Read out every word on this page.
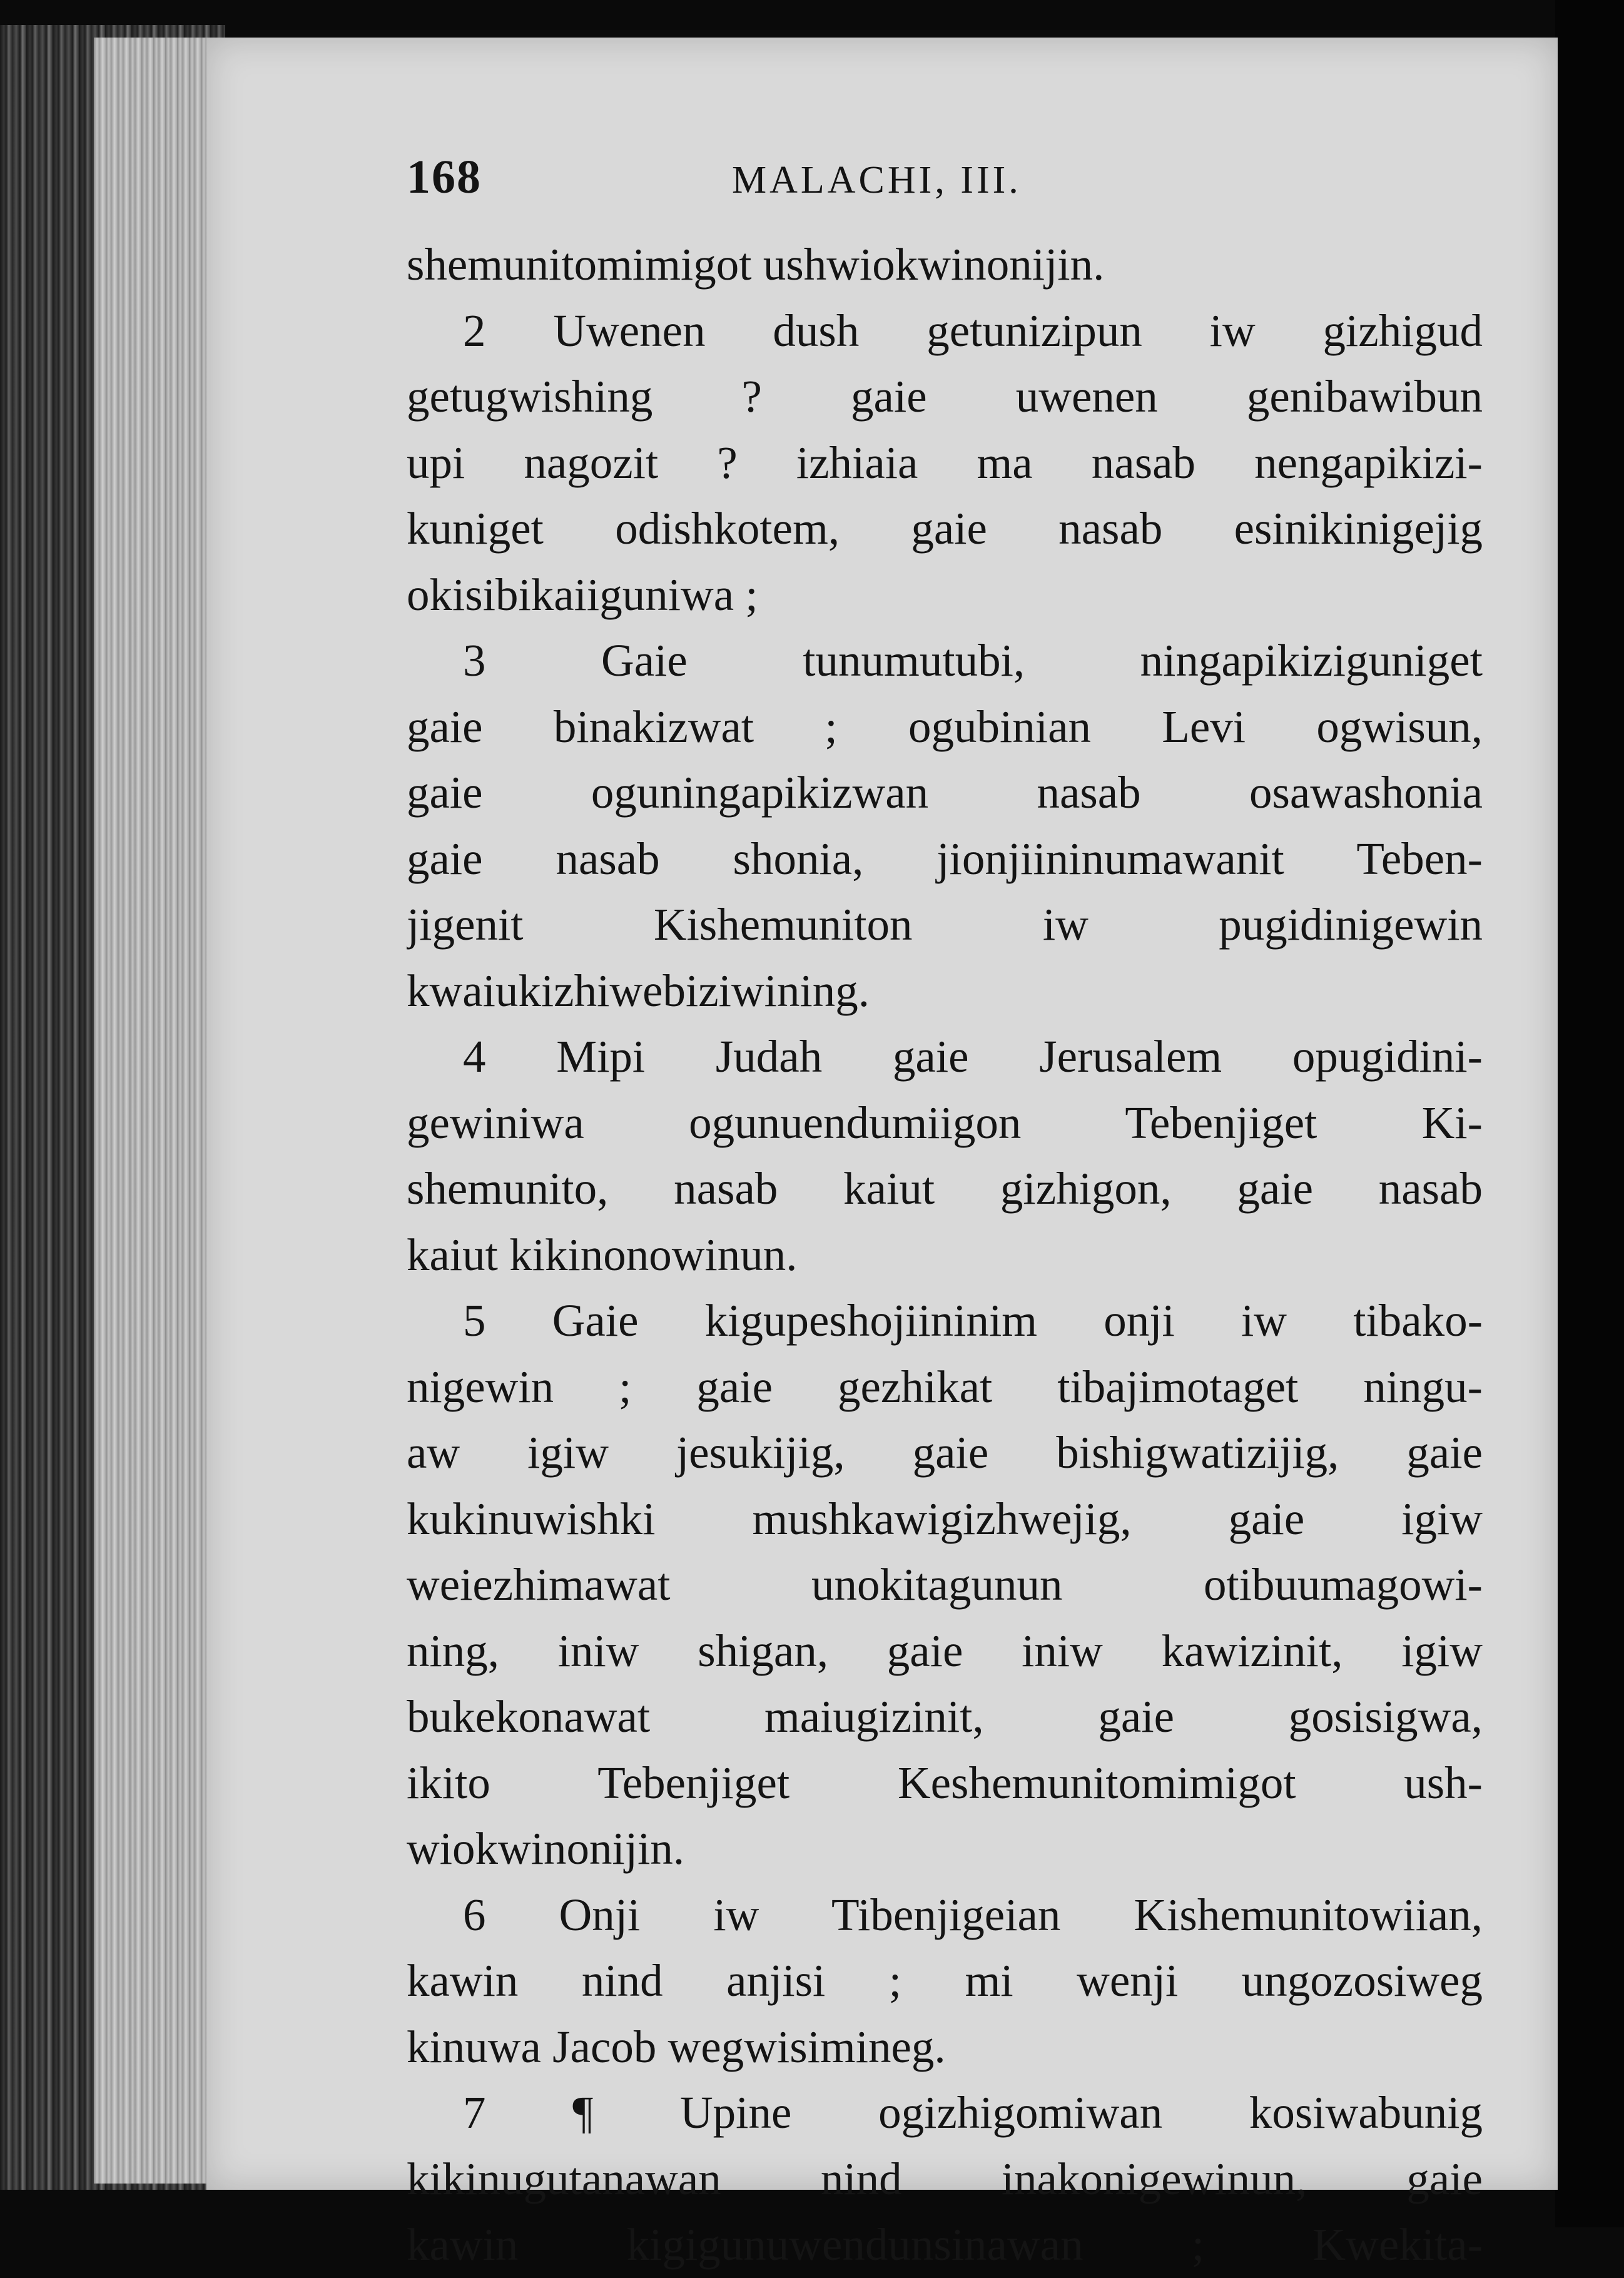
168	MALACHI, III.
shemunitomimigot ushwiokwinonijin.
2 Uwenen dush getunizipun iw gizhigud
getugwishing ? gaie uwenen genibawibun
upi nagozit ? izhiaia ma nasab nengapikizi-
kuniget odishkotem, gaie nasab esinikinigejig
okisibikaiiguniwa ;
3 Gaie tunumutubi, ningapikiziguniget
gaie binakizwat ; ogubinian Levi ogwisun,
gaie oguningapikizwan nasab osawashonia
gaie nasab shonia, jionjiininumawanit Teben-
jigenit Kishemuniton iw pugidinigewin
kwaiukizhiwebiziwining.
4 Mipi Judah gaie Jerusalem opugidini-
gewiniwa ogunuendumiigon Tebenjiget Ki-
shemunito, nasab kaiut gizhigon, gaie nasab
kaiut kikinonowinun.
5 Gaie kigupeshojiininim onji iw tibako-
nigewin ; gaie gezhikat tibajimotaget ningu-
aw igiw jesukijig, gaie bishigwatizijig, gaie
kukinuwishki mushkawigizhwejig, gaie igiw
weiezhimawat unokitagunun otibuumagowi-
ning, iniw shigan, gaie iniw kawizinit, igiw
bukekonawat maiugizinit, gaie gosisigwa,
ikito Tebenjiget Keshemunitomimigot ush-
wiokwinonijin.
6 Onji iw Tibenjigeian Kishemunitowiian,
kawin nind anjisi ; mi wenji ungozosiweg
kinuwa Jacob wegwisimineg.
7 ¶ Upine ogizhigomiwan kosiwabunig
kikinugutanawan nind inakonigewinun, gaie
kawin kigigunuwendunsinawan ; Kwekita-
